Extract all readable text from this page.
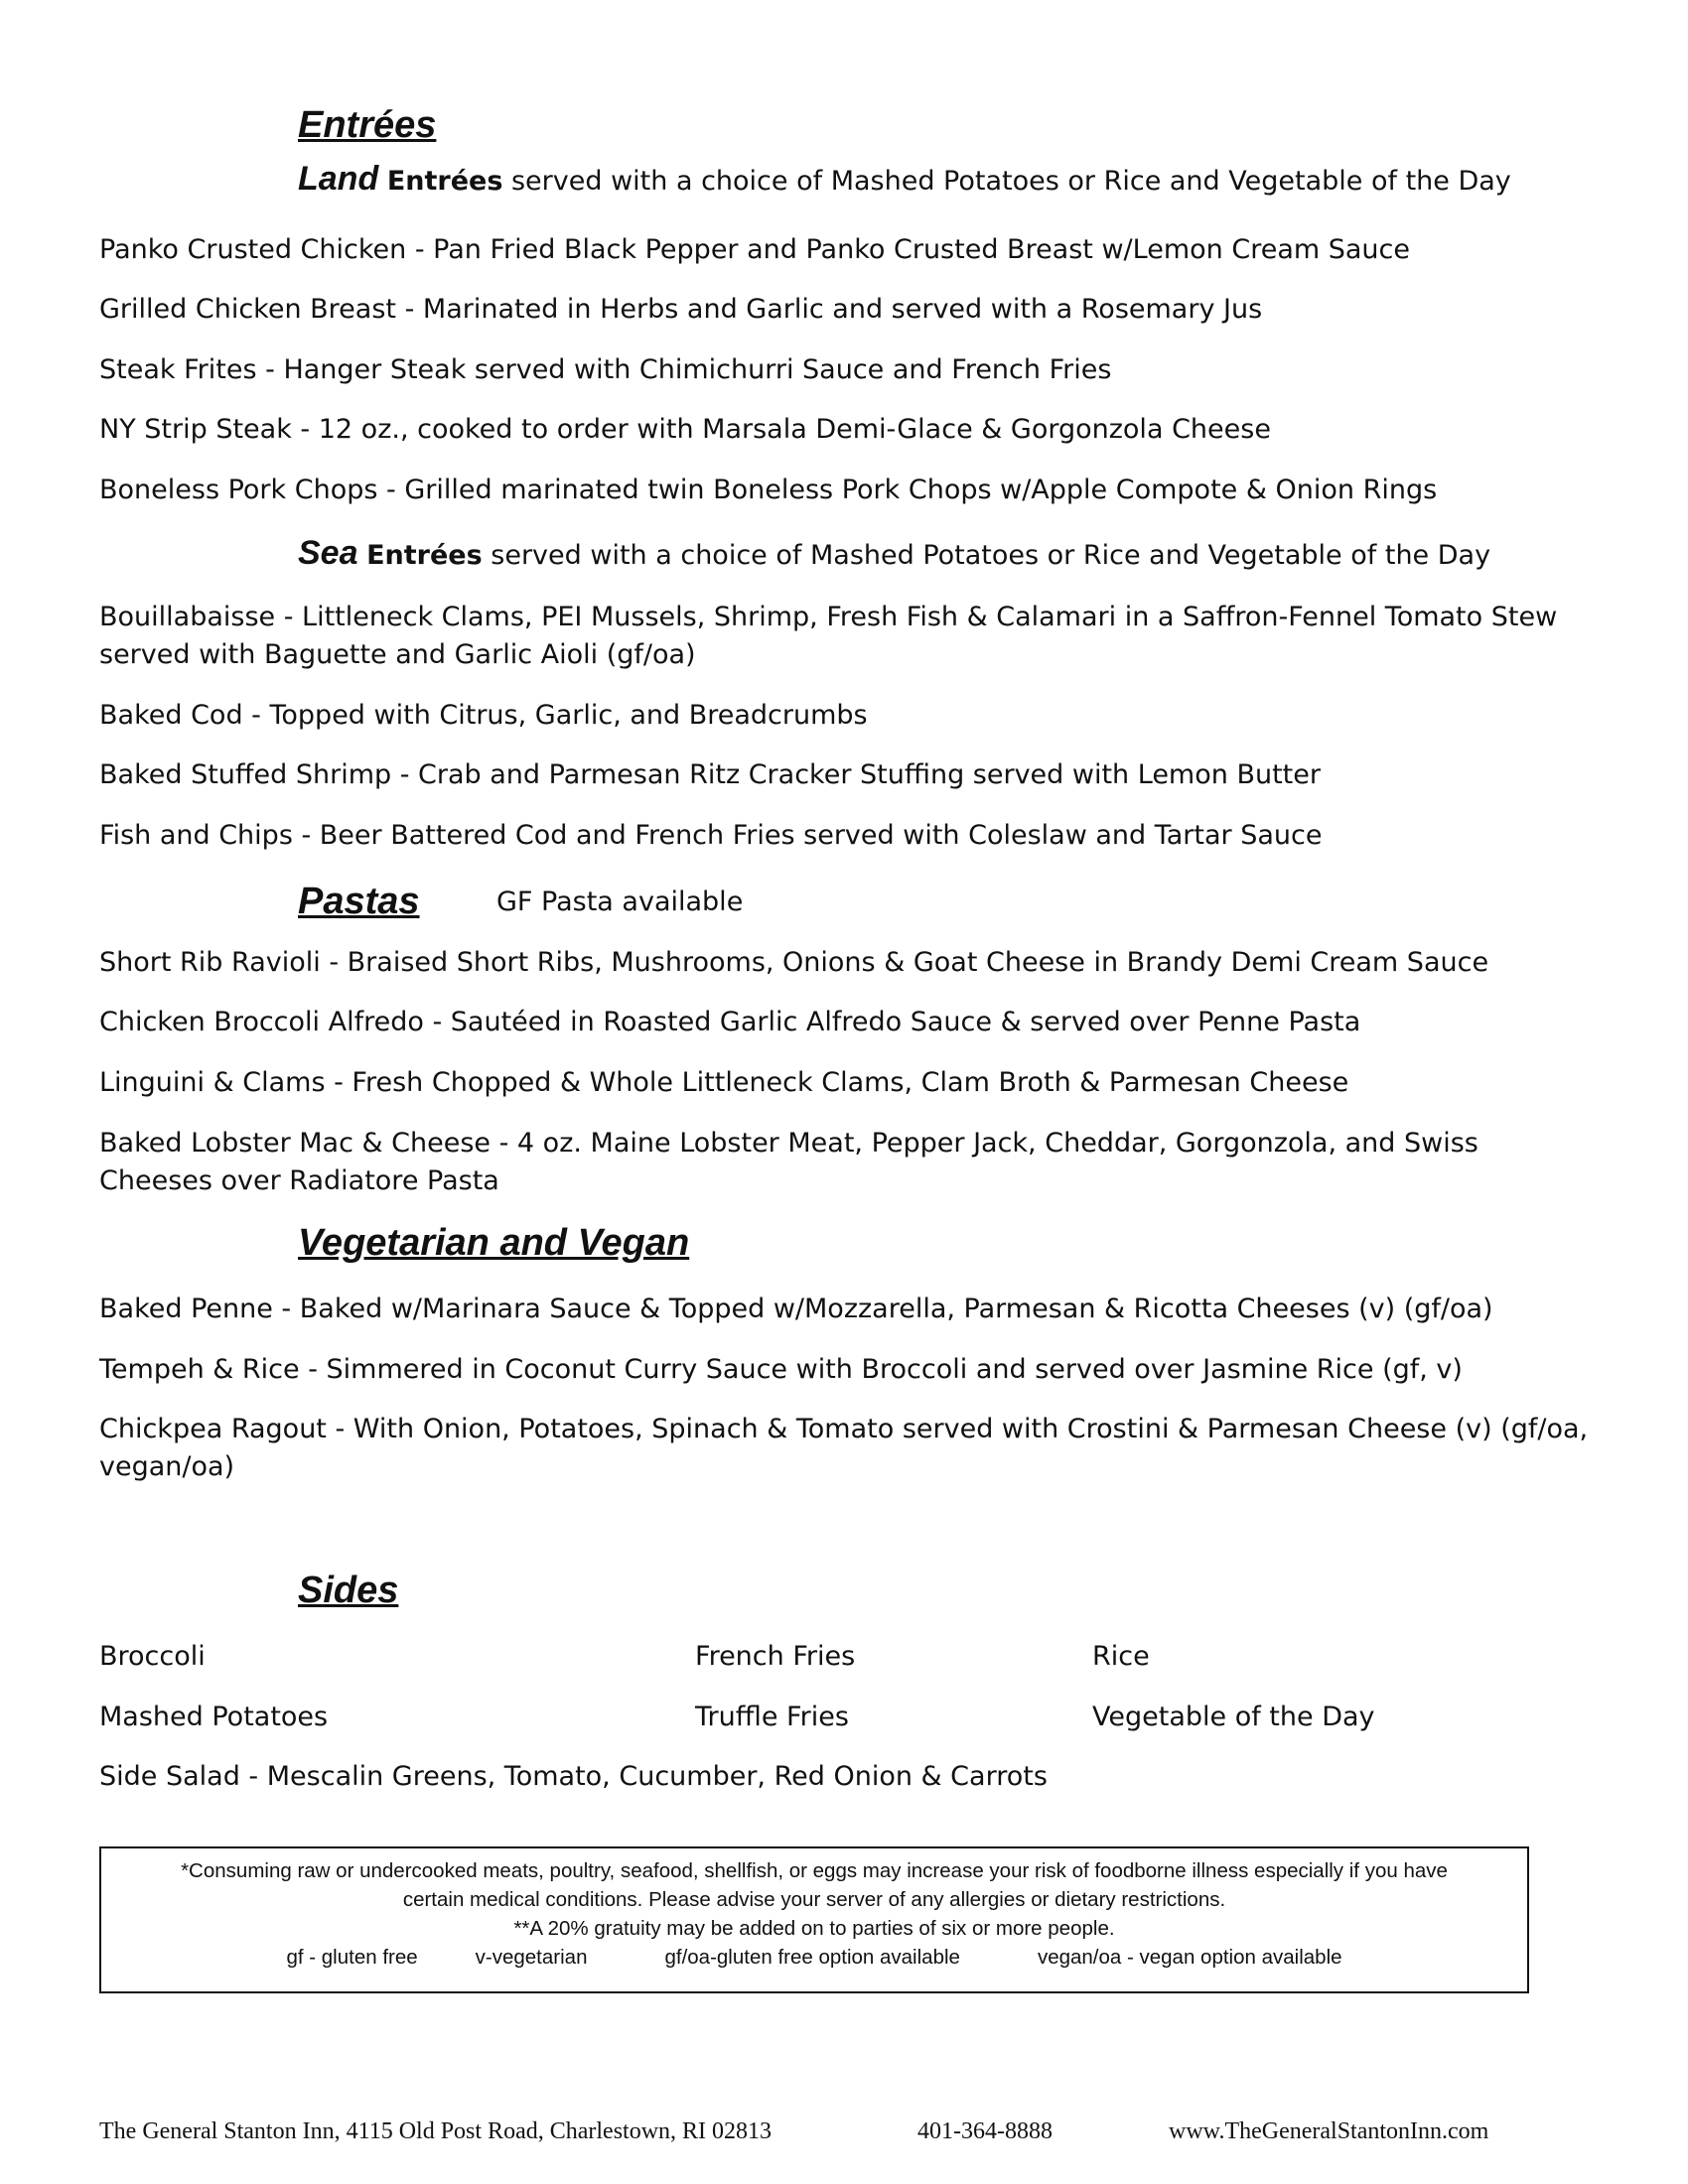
Entrées
Land Entrées served with a choice of Mashed Potatoes or Rice and Vegetable of the Day
Panko Crusted Chicken - Pan Fried Black Pepper and Panko Crusted Breast w/Lemon Cream Sauce
Grilled Chicken Breast - Marinated in Herbs and Garlic and served with a Rosemary Jus
Steak Frites - Hanger Steak served with Chimichurri Sauce and French Fries
NY Strip Steak - 12 oz., cooked to order with Marsala Demi-Glace & Gorgonzola Cheese
Boneless Pork Chops - Grilled marinated twin Boneless Pork Chops w/Apple Compote & Onion Rings
Sea Entrées served with a choice of Mashed Potatoes or Rice and Vegetable of the Day
Bouillabaisse - Littleneck Clams, PEI Mussels, Shrimp, Fresh Fish & Calamari in a Saffron-Fennel Tomato Stew served with Baguette and Garlic Aioli (gf/oa)
Baked Cod - Topped with Citrus, Garlic, and Breadcrumbs
Baked Stuffed Shrimp - Crab and Parmesan Ritz Cracker Stuffing served with Lemon Butter
Fish and Chips - Beer Battered Cod and French Fries served with Coleslaw and Tartar Sauce
Pastas	GF Pasta available
Short Rib Ravioli - Braised Short Ribs, Mushrooms, Onions & Goat Cheese in Brandy Demi Cream Sauce
Chicken Broccoli Alfredo - Sautéed in Roasted Garlic Alfredo Sauce & served over Penne Pasta
Linguini & Clams - Fresh Chopped & Whole Littleneck Clams, Clam Broth & Parmesan Cheese
Baked Lobster Mac & Cheese - 4 oz. Maine Lobster Meat, Pepper Jack, Cheddar, Gorgonzola, and Swiss Cheeses over Radiatore Pasta
Vegetarian and Vegan
Baked Penne - Baked w/Marinara Sauce & Topped w/Mozzarella, Parmesan & Ricotta Cheeses (v) (gf/oa)
Tempeh & Rice - Simmered in Coconut Curry Sauce with Broccoli and served over Jasmine Rice (gf, v)
Chickpea Ragout - With Onion, Potatoes, Spinach & Tomato served with Crostini & Parmesan Cheese (v) (gf/oa, vegan/oa)
Sides
Broccoli	French Fries	Rice
Mashed Potatoes	Truffle Fries	Vegetable of the Day
Side Salad - Mescalin Greens, Tomato, Cucumber, Red Onion & Carrots
*Consuming raw or undercooked meats, poultry, seafood, shellfish, or eggs may increase your risk of foodborne illness especially if you have
certain medical conditions. Please advise your server of any allergies or dietary restrictions.
**A 20% gratuity may be added on to parties of six or more people.
gf - gluten free	v-vegetarian	gf/oa-gluten free option available	vegan/oa - vegan option available
The General Stanton Inn, 4115 Old Post Road, Charlestown, RI 02813	401-364-8888	www.TheGeneralStantonInn.com
